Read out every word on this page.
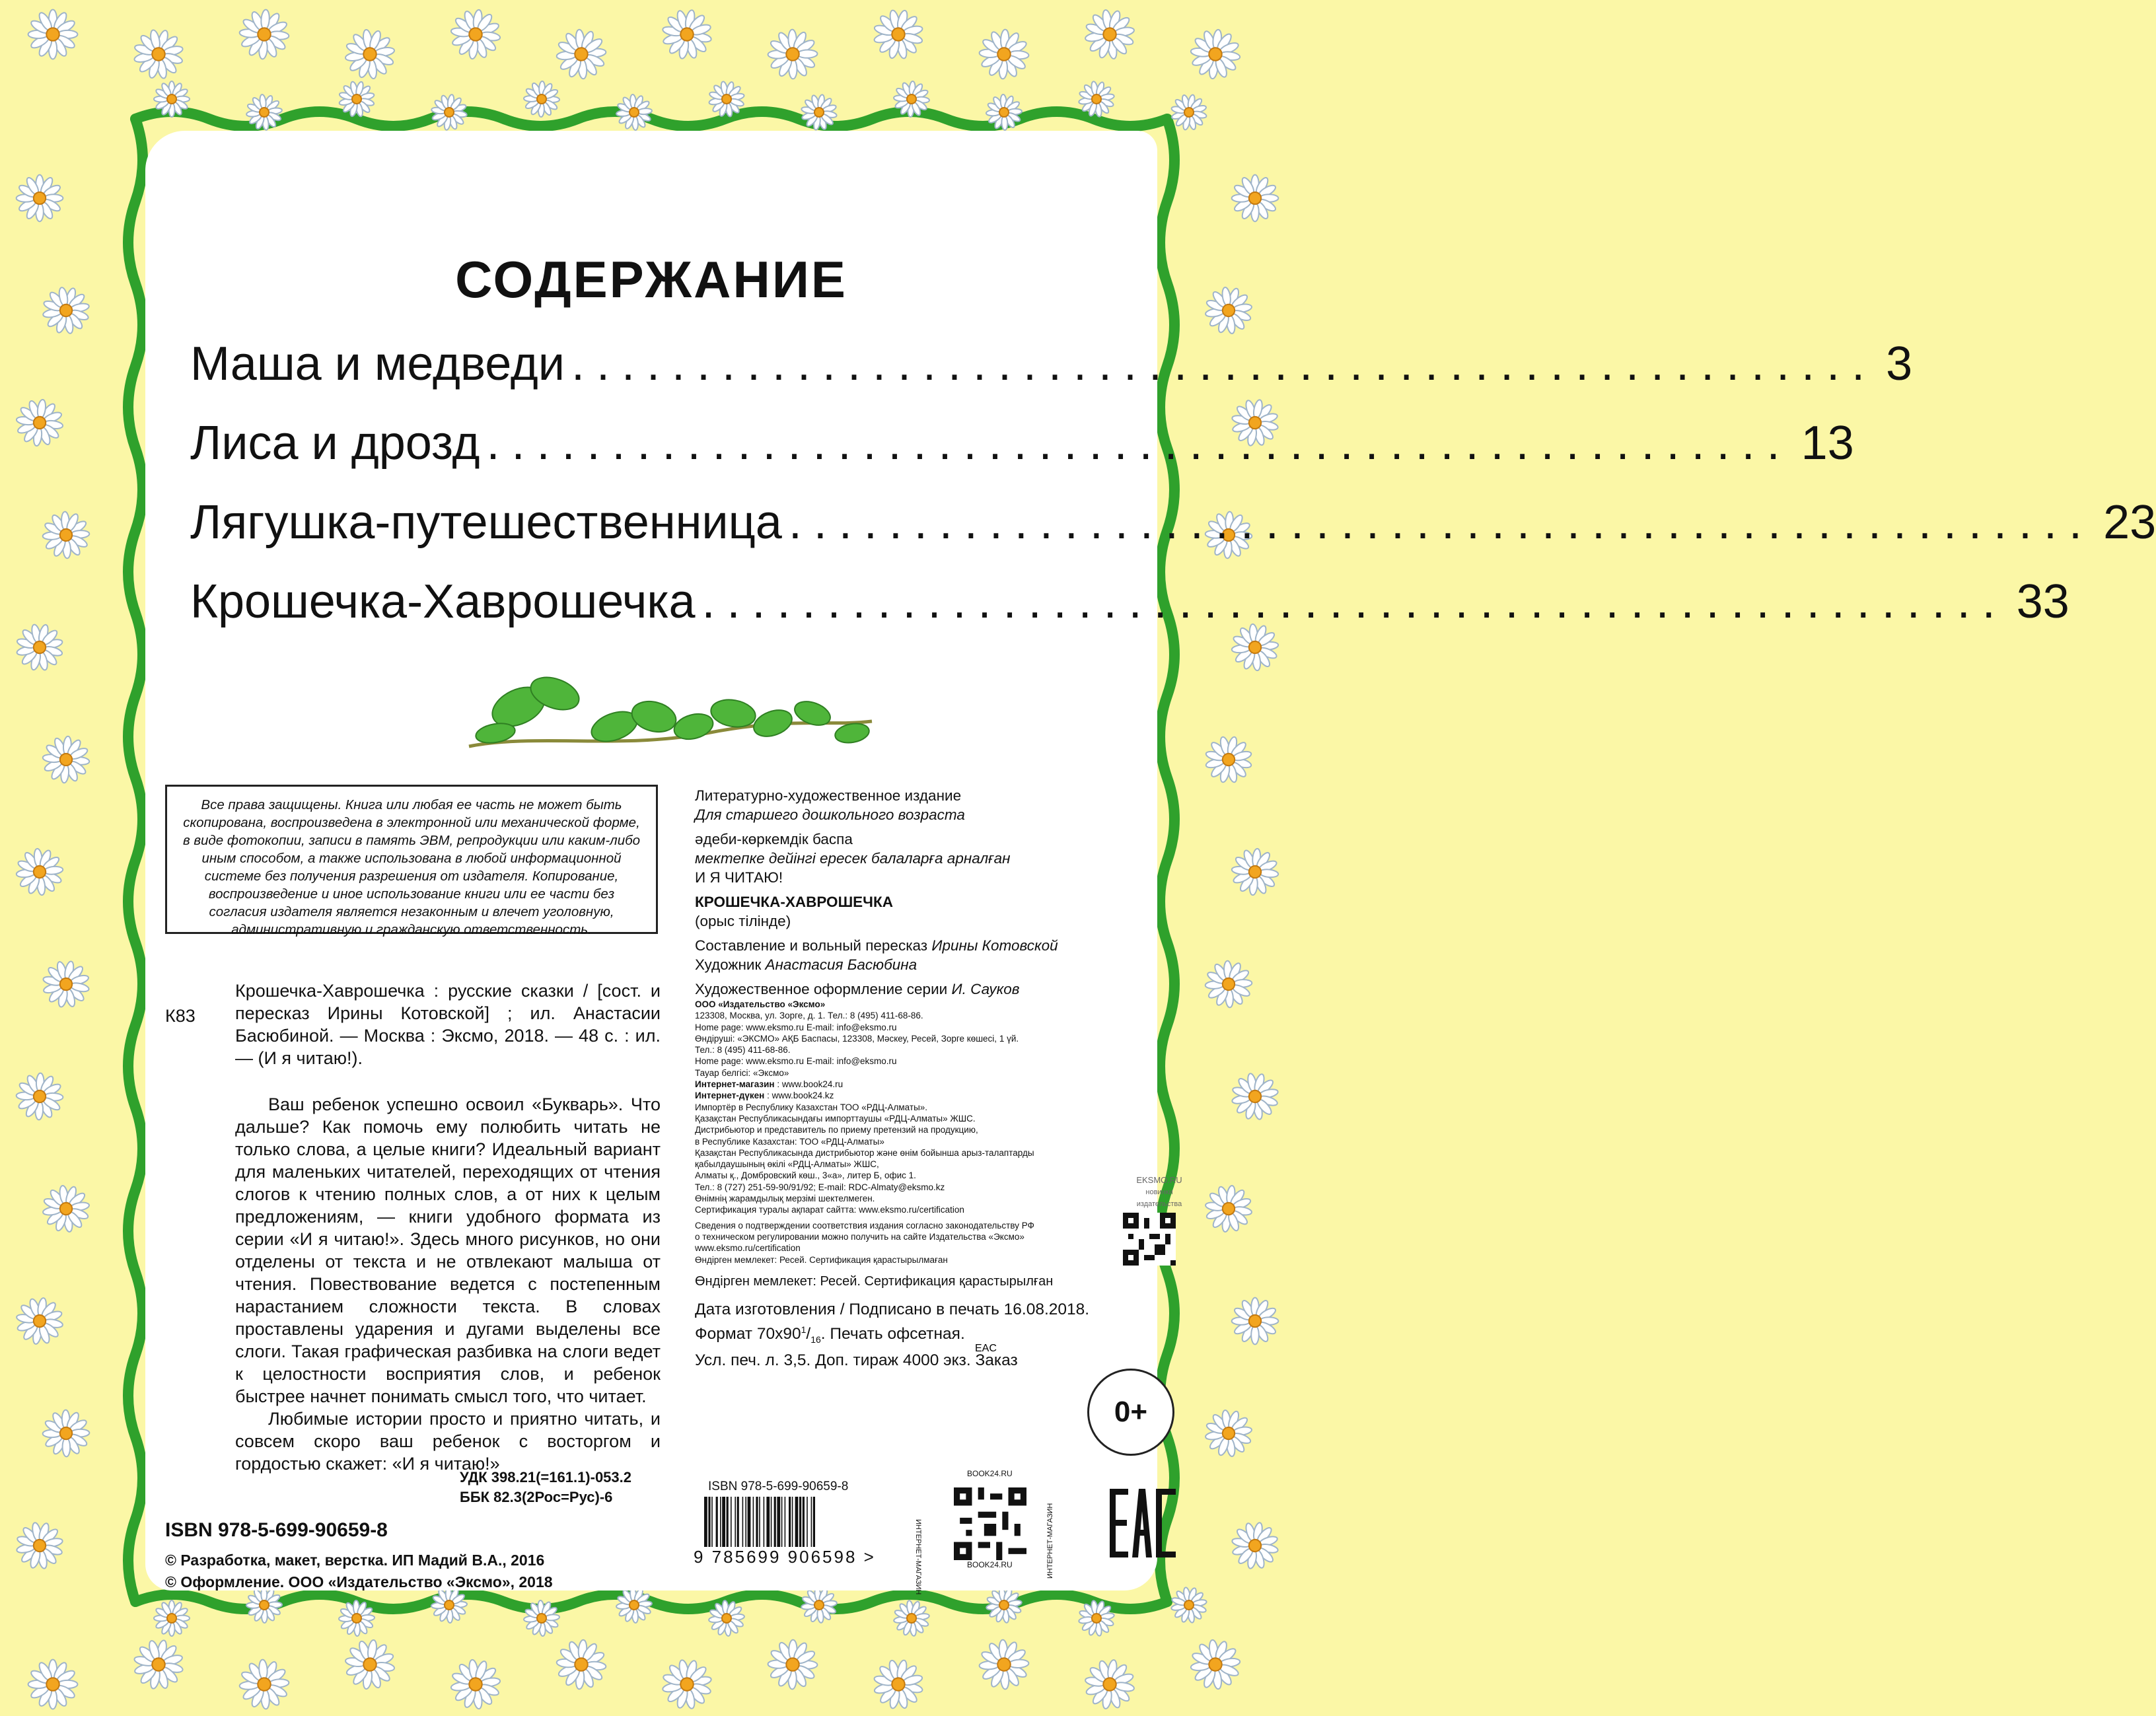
СОДЕРЖАНИЕ
Маша и медведи .................................................... 3
Лиса и дрозд .................................................... 13
Лягушка-путешественница .................................................... 23
Крошечка-Хаврошечка .................................................... 33
Все права защищены. Книга или любая ее часть не может быть скопирована, воспроизведена в электронной или механической форме, в виде фотокопии, записи в память ЭВМ, репродукции или каким-либо иным способом, а также использована в любой информационной системе без получения разрешения от издателя. Копирование, воспроизведение и иное использование книги или ее части без согласия издателя является незаконным и влечет уголовную, административную и гражданскую ответственность.
К83
Крошечка-Хаврошечка : русские сказки / [сост. и пересказ Ирины Котовской] ; ил. Анастасии Басюбиной. — Москва : Эксмо, 2018. — 48 с. : ил. — (И я читаю!).

Ваш ребенок успешно освоил «Букварь». Что дальше? Как помочь ему полюбить читать не только слова, а целые книги? Идеальный вариант для маленьких читателей, переходящих от чтения слогов к чтению полных слов, а от них к целым предложениям, — книги удобного формата из серии «И я читаю!». Здесь много рисунков, но они отделены от текста и не отвлекают малыша от чтения. Повествование ведется с постепенным нарастанием сложности текста. В словах проставлены ударения и дугами выделены все слоги. Такая графическая разбивка на слоги ведет к целостности восприятия слов, и ребенок быстрее начнет понимать смысл того, что читает.

Любимые истории просто и приятно читать, и совсем скоро ваш ребенок с восторгом и гордостью скажет: «И я читаю!»

УДК 398.21(=161.1)-053.2
ББК 82.3(2Рос=Рус)-6
ISBN 978-5-699-90659-8
© Разработка, макет, верстка. ИП Мадий В.А., 2016
© Оформление. ООО «Издательство «Эксмо», 2018
Литературно-художественное издание
Для старшего дошкольного возраста
әдеби-көркемдік баспа
мектепке дейінгі ересек балаларға арналған
И Я ЧИТАЮ!
КРОШЕЧКА-ХАВРОШЕЧКА
(орыс тілінде)
Составление и вольный пересказ Ирины Котовской
Художник Анастасия Басюбина
Художественное оформление серии И. Сауков
ООО «Издательство «Эксмо»
123308, Москва, ул. Зорге, д. 1. Тел.: 8 (495) 411-68-86.
Home page: www.eksmo.ru E-mail: info@eksmo.ru
Өндіруші: «ЭКСМО» АҚБ Баспасы, 123308, Мәскеу, Ресей, Зорге көшесі, 1 үй.
Тел.: 8 (495) 411-68-86.
Home page: www.eksmo.ru E-mail: info@eksmo.ru
Тауар белгісі: «Эксмо»
Интернет-магазин : www.book24.ru
Интернет-дүкен : www.book24.kz
Импортёр в Республику Казахстан ТОО «РДЦ-Алматы».
Қазақстан Республикасындағы импорттаушы «РДЦ-Алматы» ЖШС.
Дистрибьютор и представитель по приему претензий на продукцию,
в Республике Казахстан: ТОО «РДЦ-Алматы»
Қазақстан Республикасында дистрибьютор және өнім бойынша арыз-талаптарды
қабылдаушының өкілі «РДЦ-Алматы» ЖШС,
Алматы қ., Домбровский көш., 3«а», литер Б, офис 1.
Тел.: 8 (727) 251-59-90/91/92; E-mail: RDC-Almaty@eksmo.kz
Өнімнің жарамдылық мерзімі шектелмеген.
Сертификация туралы ақпарат сайтта: www.eksmo.ru/certification
Сведения о подтверждении соответствия издания согласно законодательству РФ
о техническом регулировании можно получить на сайте Издательства «Эксмо»
www.eksmo.ru/certification
Өндірген мемлекет: Ресей. Сертификация қарастырылмаған
Өндірген мемлекет: Ресей. Сертификация қарастырылған
Дата изготовления / Подписано в печать 16.08.2018.
Формат $70х90^1/_{16}$. Печать офсетная.
Усл. печ. л. 3,5. Доп. тираж 4000 экз. Заказ
EKSMO.RU
новинки издательства
0+
ISBN 978-5-699-90659-8
9 785699 906598 >
BOOK24.RU
BOOK24.RU
ИНТЕРНЕТ-МАГАЗИН	ИНТЕРНЕТ-МАГАЗИН
EAC
